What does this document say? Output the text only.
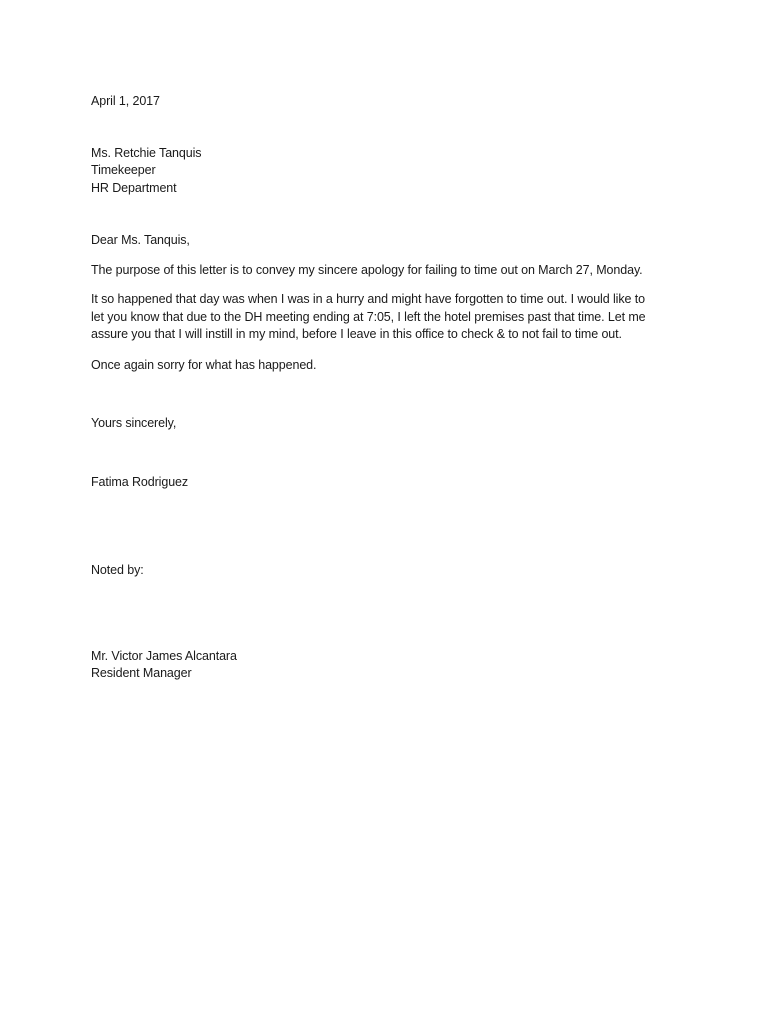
April 1, 2017
Ms. Retchie Tanquis
Timekeeper
HR Department
Dear Ms. Tanquis,
The purpose of this letter is to convey my sincere apology for failing to time out on March 27, Monday.
It so happened that day was when I was in a hurry and might have forgotten to time out. I would like to
let you know that due to the DH meeting ending at 7:05, I left the hotel premises past that time. Let me
assure you that I will instill in my mind, before I leave in this office to check & to not fail to time out.
Once again sorry for what has happened.
Yours sincerely,
Fatima Rodriguez
Noted by:
Mr. Victor James Alcantara
Resident Manager
